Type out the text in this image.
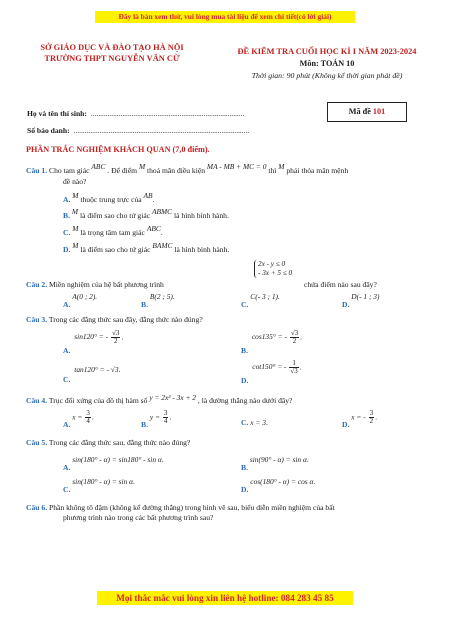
Đây là bản xem thử, vui lòng mua tài liệu để xem chi tiết(có lời giải)
SỞ GIÁO DỤC VÀ ĐÀO TẠO HÀ NỘI
TRƯỜNG THPT NGUYỄN VĂN CỪ
ĐỀ KIỂM TRA CUỐI HỌC KÌ I NĂM 2023-2024
Môn: TOÁN 10
Thời gian: 90 phút (Không kể thời gian phát đề)
Họ và tên thí sinh: ...................................................................................
Số báo danh: ...............................................................................................
Mã đề 101
PHẦN TRẮC NGHIỆM KHÁCH QUAN (7,0 điểm).
Câu 1. Cho tam giác ABC . Để điểm M thoả mãn điều kiện MA - MB + MC = 0 thì M phải thỏa mãn mệnh
đề nào?
A. M thuộc trung trực của AB.
B. M là điểm sao cho tứ giác ABMC là hình bình hành.
C. M là trọng tâm tam giác ABC.
D. M là điểm sao cho tứ giác BAMC là hình bình hành.
2x - y ≤ 0
- 3x + 5 ≤ 0
Câu 2. Miền nghiệm của hệ bất phương trình	chứa điểm nào sau đây?
A. A(0 ; 2).
B. B(2 ; 5).
C. C(- 3 ; 1).
D. D(- 1 ; 3)
Câu 3. Trong các đẳng thức sau đây, đẳng thức nào đúng?
A. sin120° = - $\frac{√3}{2}$ .
B. cos135° = - $\frac{√3}{2}$ .
C. tan120° = - √3.
D. cot150° = - $\frac{1}{√3}$ .
Câu 4. Trục đối xứng của đồ thị hàm số y = 2x² - 3x + 2 , là đường thẳng nào dưới đây?
A. $x = \frac{3}{4}$ .
B. $y = \frac{3}{4}$ .
C. x = 3.	D. x = - $\frac{3}{2}$ .
Câu 5. Trong các đẳng thức sau, đẳng thức nào đúng?
A. sin(180° - α) = sin180° - sin α.
B. sin(90° - α) = sin α.
C. sin(180° - α) = sin α.
D. cos(180° - α) = cos α.
Câu 6. Phần không tô đậm (không kể đường thẳng) trong hình vẽ sau, biểu diễn miền nghiệm của bất
phương trình nào trong các bất phương trình sau?
Mọi thắc mắc vui lòng xin liên hệ hotline: 084 283 45 85
